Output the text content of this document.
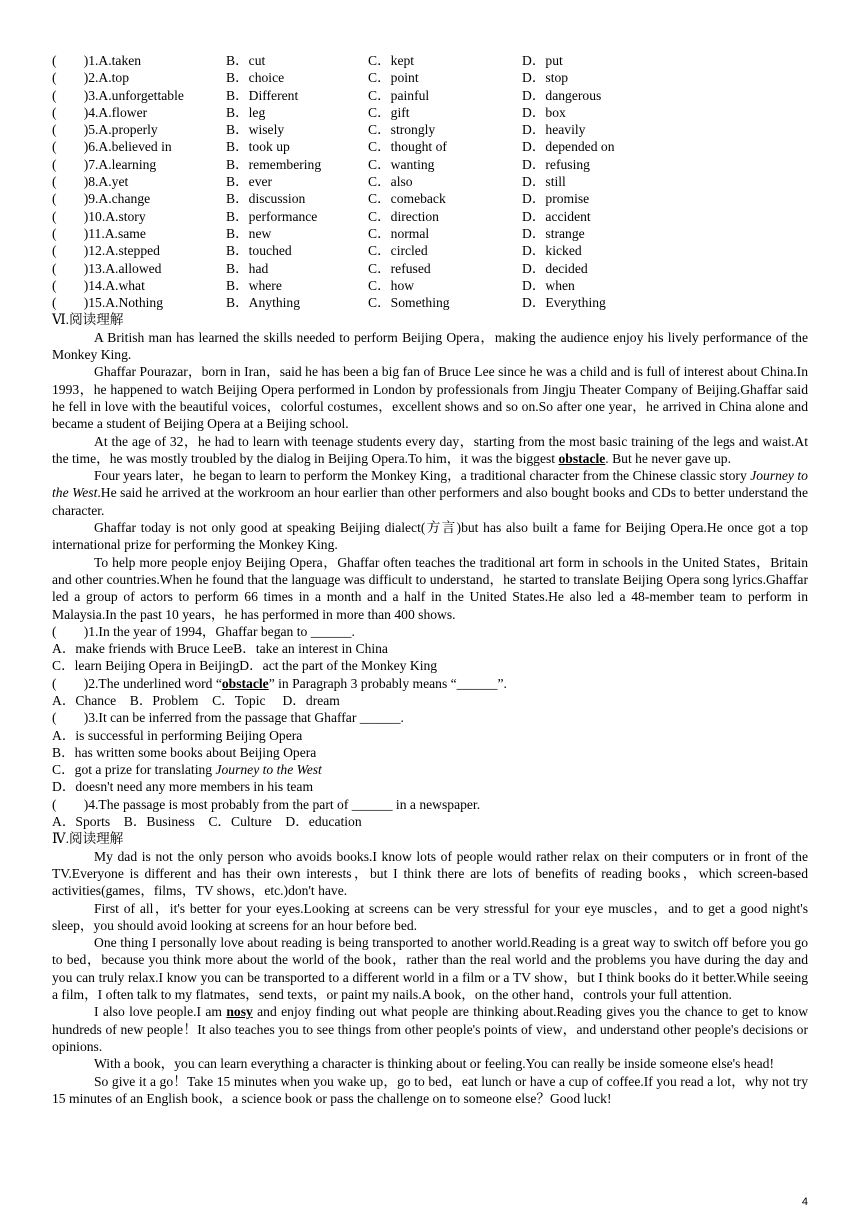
(　　)1.A.taken	B．cut	C．kept	D．put
(　　)2.A.top	B．choice	C．point	D．stop
(　　)3.A.unforgettable	B．Different	C．painful	D．dangerous
(　　)4.A.flower	B．leg	C．gift	D．box
(　　)5.A.properly	B．wisely	C．strongly	D．heavily
(　　)6.A.believed in	B．took up	C．thought of	D．depended on
(　　)7.A.learning	B．remembering	C．wanting	D．refusing
(　　)8.A.yet	B．ever	C．also	D．still
(　　)9.A.change	B．discussion	C．comeback	D．promise
(　　)10.A.story	B．performance	C．direction	D．accident
(　　)11.A.same	B．new	C．normal	D．strange
(　　)12.A.stepped	B．touched	C．circled	D．kicked
(　　)13.A.allowed	B．had	C．refused	D．decided
(　　)14.A.what	B．where	C．how	D．when
(　　)15.A.Nothing	B．Anything	C．Something	D．Everything
Ⅵ.阅读理解

A British man has learned the skills needed to perform Beijing Opera，making the audience enjoy his lively performance of the Monkey King.

Ghaffar Pourazar，born in Iran，said he has been a big fan of Bruce Lee since he was a child and is full of interest about China.In 1993，he happened to watch Beijing Opera performed in London by professionals from Jingju Theater Company of Beijing.Ghaffar said he fell in love with the beautiful voices，colorful costumes，excellent shows and so on.So after one year，he arrived in China alone and became a student of Beijing Opera at a Beijing school.

At the age of 32，he had to learn with teenage students every day，starting from the most basic training of the legs and waist.At the time，he was mostly troubled by the dialog in Beijing Opera.To him，it was the biggest obstacle. But he never gave up.

Four years later，he began to learn to perform the Monkey King，a traditional character from the Chinese classic story Journey to the West.He said he arrived at the workroom an hour earlier than other performers and also bought books and CDs to better understand the character.

Ghaffar today is not only good at speaking Beijing dialect(方言)but has also built a fame for Beijing Opera.He once got a top international prize for performing the Monkey King.

To help more people enjoy Beijing Opera，Ghaffar often teaches the traditional art form in schools in the United States，Britain and other countries.When he found that the language was difficult to understand，he started to translate Beijing Opera song lyrics.Ghaffar led a group of actors to perform 66 times in a month and a half in the United States.He also led a 48-member team to perform in Malaysia.In the past 10 years，he has performed in more than 400 shows.

(　　)1.In the year of 1994，Ghaffar began to ______.
A．make friends with Bruce LeeB．take an interest in China
C．learn Beijing Opera in BeijingD．act the part of the Monkey King
(　　)2.The underlined word “obstacle” in Paragraph 3 probably means “______”.
A．Chance　B．Problem　C．Topic　 D．dream
(　　)3.It can be inferred from the passage that Ghaffar ______.
A．is successful in performing Beijing Opera
B．has written some books about Beijing Opera
C．got a prize for translating Journey to the West
D．doesn't need any more members in his team
(　　)4.The passage is most probably from the part of ______ in a newspaper.
A．Sports　B．Business　C．Culture　D．education
Ⅳ.阅读理解

My dad is not the only person who avoids books.I know lots of people would rather relax on their computers or in front of the TV.Everyone is different and has their own interests，but I think there are lots of benefits of reading books，which screen-based activities(games，films，TV shows，etc.)don't have.

First of all，it's better for your eyes.Looking at screens can be very stressful for your eye muscles，and to get a good night's sleep，you should avoid looking at screens for an hour before bed.

One thing I personally love about reading is being transported to another world.Reading is a great way to switch off before you go to bed，because you think more about the world of the book，rather than the real world and the problems you have during the day and you can truly relax.I know you can be transported to a different world in a film or a TV show，but I think books do it better.While seeing a film，I often talk to my flatmates，send texts，or paint my nails.A book，on the other hand，controls your full attention.

I also love people.I am nosy and enjoy finding out what people are thinking about.Reading gives you the chance to get to know hundreds of new people！It also teaches you to see things from other people's points of view，and understand other people's decisions or opinions.

With a book，you can learn everything a character is thinking about or feeling.You can really be inside someone else's head!

So give it a go！Take 15 minutes when you wake up，go to bed，eat lunch or have a cup of coffee.If you read a lot，why not try 15 minutes of an English book，a science book or pass the challenge on to someone else？Good luck!

4
